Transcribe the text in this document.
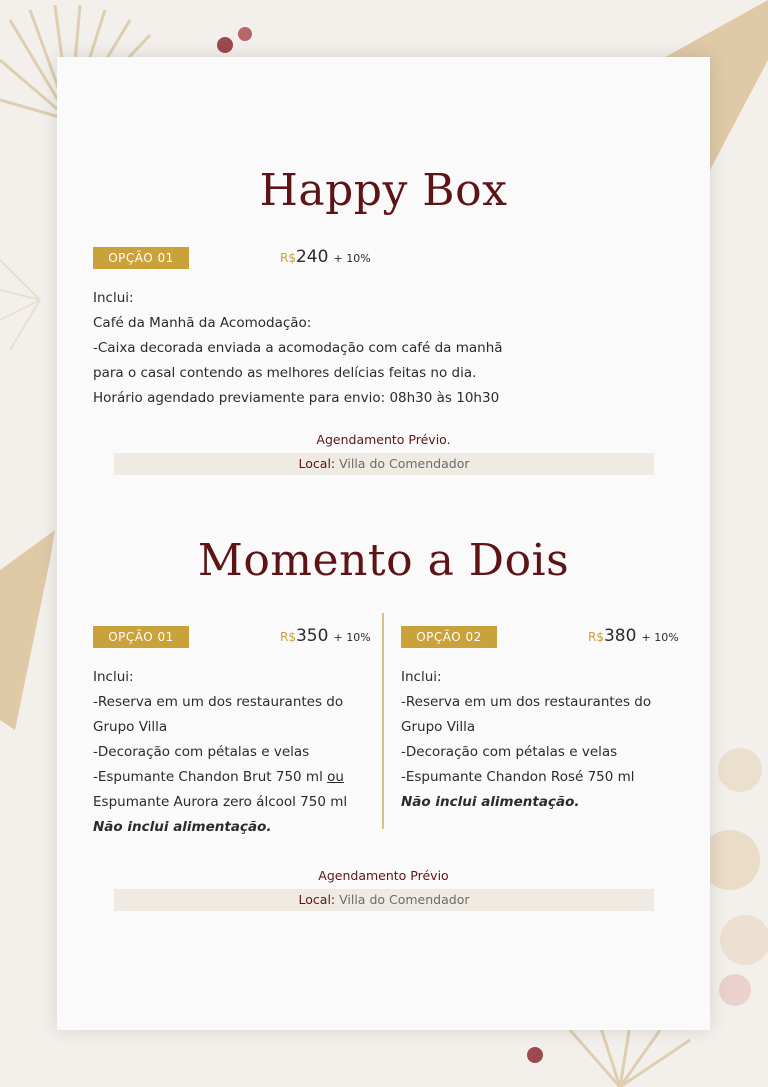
Happy Box
OPÇÃO 01	R$240 + 10%
Inclui:
Café da Manhã da Acomodação:
-Caixa decorada enviada a acomodação com café da manhã
para o casal contendo as melhores delícias feitas no dia.
Horário agendado previamente para envio: 08h30 às 10h30
Agendamento Prévio.
Local: Villa do Comendador
Momento a Dois
OPÇÃO 01	R$350 + 10%
Inclui:
-Reserva em um dos restaurantes do
Grupo Villa
-Decoração com pétalas e velas
-Espumante Chandon Brut 750 ml ou
Espumante Aurora zero álcool 750 ml
Não inclui alimentação.
OPÇÃO 02	R$380 + 10%
Inclui:
-Reserva em um dos restaurantes do
Grupo Villa
-Decoração com pétalas e velas
-Espumante Chandon Rosé 750 ml
Não inclui alimentação.
Agendamento Prévio
Local: Villa do Comendador
